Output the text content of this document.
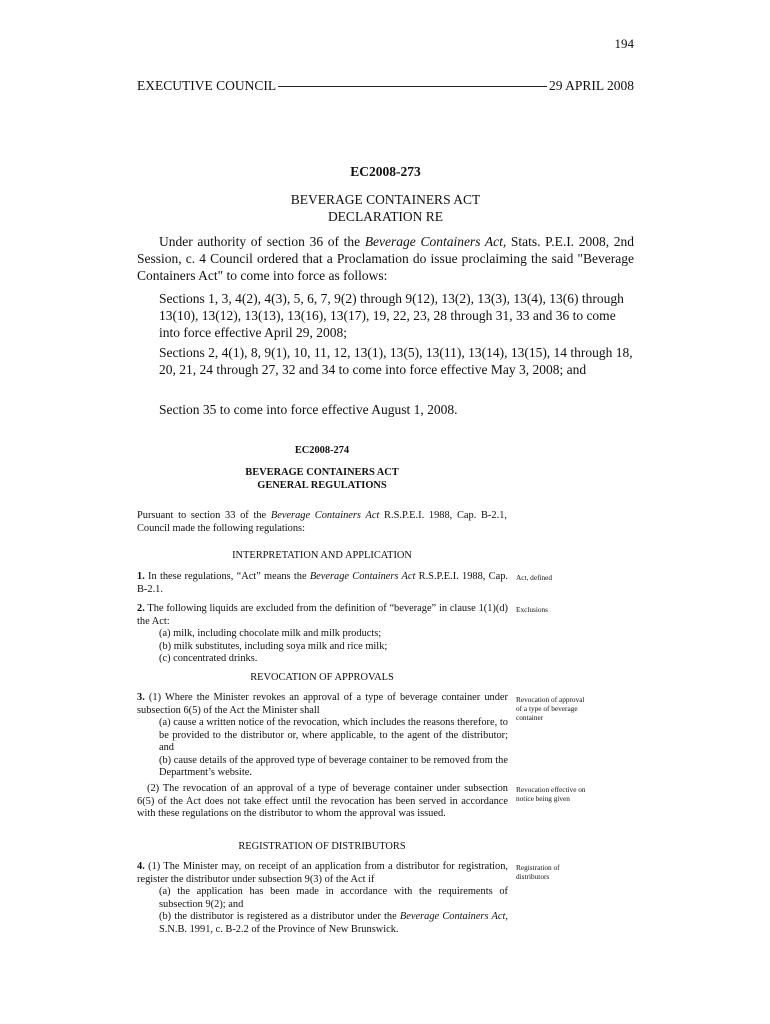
194
EXECUTIVE COUNCIL	29 APRIL 2008
EC2008-273
BEVERAGE CONTAINERS ACT
DECLARATION RE
Under authority of section 36 of the Beverage Containers Act, Stats. P.E.I. 2008, 2nd Session, c. 4 Council ordered that a Proclamation do issue proclaiming the said "Beverage Containers Act" to come into force as follows:
Sections 1, 3, 4(2), 4(3), 5, 6, 7, 9(2) through 9(12), 13(2), 13(3), 13(4), 13(6) through 13(10), 13(12), 13(13), 13(16), 13(17), 19, 22, 23, 28 through 31, 33 and 36 to come into force effective April 29, 2008;
Sections 2, 4(1), 8, 9(1), 10, 11, 12, 13(1), 13(5), 13(11), 13(14), 13(15), 14 through 18, 20, 21, 24 through 27, 32 and 34 to come into force effective May 3, 2008; and
Section 35 to come into force effective August 1, 2008.
EC2008-274
BEVERAGE CONTAINERS ACT
GENERAL REGULATIONS
Pursuant to section 33 of the Beverage Containers Act R.S.P.E.I. 1988, Cap. B-2.1, Council made the following regulations:
INTERPRETATION AND APPLICATION
1. In these regulations, “Act” means the Beverage Containers Act R.S.P.E.I. 1988, Cap. B-2.1.
Act, defined
2. The following liquids are excluded from the definition of “beverage” in clause 1(1)(d) the Act:
(a) milk, including chocolate milk and milk products;
(b) milk substitutes, including soya milk and rice milk;
(c) concentrated drinks.
Exclusions
REVOCATION OF APPROVALS
3. (1) Where the Minister revokes an approval of a type of beverage container under subsection 6(5) of the Act the Minister shall
(a) cause a written notice of the revocation, which includes the reasons therefore, to be provided to the distributor or, where applicable, to the agent of the distributor; and
(b) cause details of the approved type of beverage container to be removed from the Department’s website.
Revocation of approval of a type of beverage container
(2) The revocation of an approval of a type of beverage container under subsection 6(5) of the Act does not take effect until the revocation has been served in accordance with these regulations on the distributor to whom the approval was issued.
Revocation effective on notice being given
REGISTRATION OF DISTRIBUTORS
4. (1) The Minister may, on receipt of an application from a distributor for registration, register the distributor under subsection 9(3) of the Act if
(a) the application has been made in accordance with the requirements of subsection 9(2); and
(b) the distributor is registered as a distributor under the Beverage Containers Act, S.N.B. 1991, c. B-2.2 of the Province of New Brunswick.
Registration of distributors
